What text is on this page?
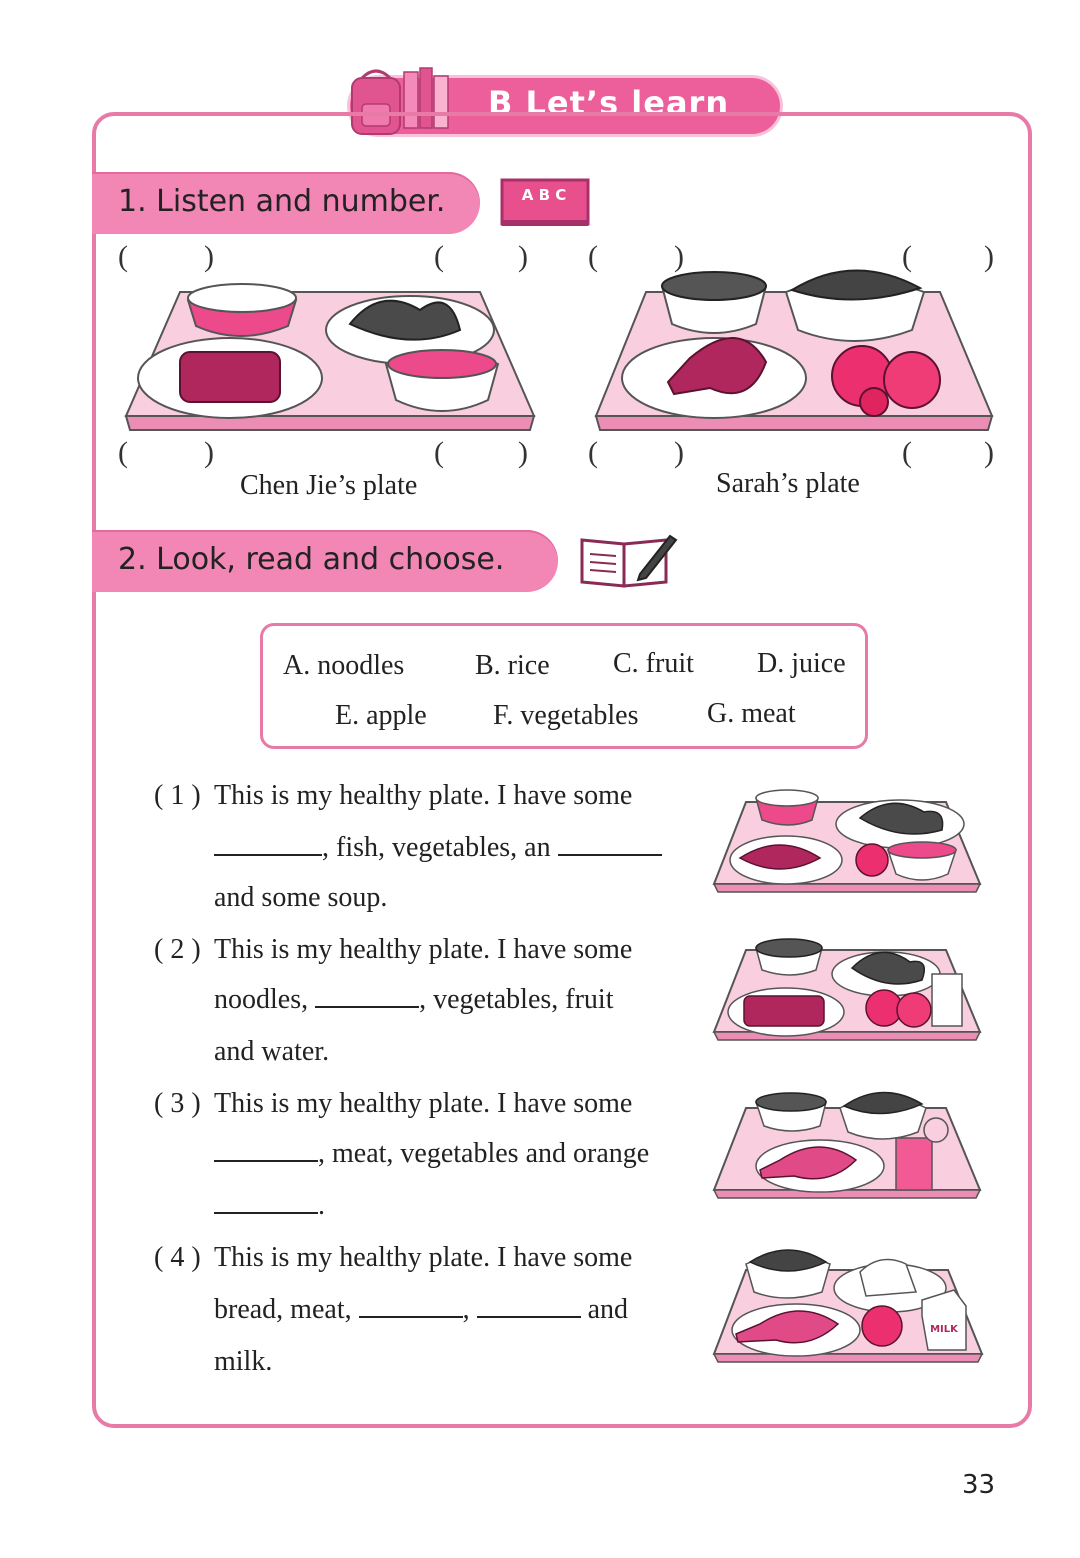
B Let’s learn
1. Listen and number.	A B C
(	)	( ) (	)	( )
(	)	( ) (	)	( )
Chen Jie’s plate	Sarah’s plate
2. Look, read and choose.
A. noodles	B. rice C. fruit D. juice
E. apple F. vegetables G. meat
( 1 ) This is my healthy plate. I have some
, fish, vegetables, an
and some soup.
( 2 ) This is my healthy plate. I have some
noodles,	, vegetables, fruit
and water.
( 3 ) This is my healthy plate. I have some
, meat, vegetables and orange
.
( 4 ) This is my healthy plate. I have some
bread, meat,	,	and
milk.
MILK
33
